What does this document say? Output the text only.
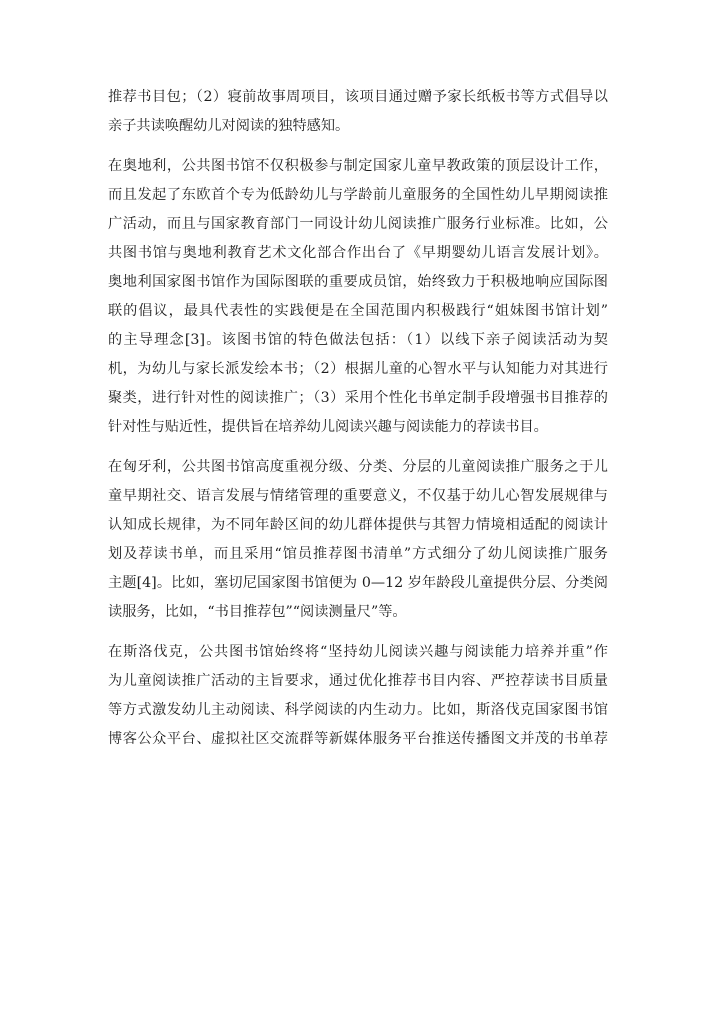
推荐书目包；（2）寝前故事周项目，该项目通过赠予家长纸板书等方式倡导以
亲子共读唤醒幼儿对阅读的独特感知。
在奥地利，公共图书馆不仅积极参与制定国家儿童早教政策的顶层设计工作，
而且发起了东欧首个专为低龄幼儿与学龄前儿童服务的全国性幼儿早期阅读推
广活动，而且与国家教育部门一同设计幼儿阅读推广服务行业标准。比如，公
共图书馆与奥地利教育艺术文化部合作出台了《早期婴幼儿语言发展计划》。
奥地利国家图书馆作为国际图联的重要成员馆，始终致力于积极地响应国际图
联的倡议，最具代表性的实践便是在全国范围内积极践行“姐妹图书馆计划”
的主导理念[3]。该图书馆的特色做法包括：（1）以线下亲子阅读活动为契
机，为幼儿与家长派发绘本书；（2）根据儿童的心智水平与认知能力对其进行
聚类，进行针对性的阅读推广；（3）采用个性化书单定制手段增强书目推荐的
针对性与贴近性，提供旨在培养幼儿阅读兴趣与阅读能力的荐读书目。
在匈牙利，公共图书馆高度重视分级、分类、分层的儿童阅读推广服务之于儿
童早期社交、语言发展与情绪管理的重要意义，不仅基于幼儿心智发展规律与
认知成长规律，为不同年龄区间的幼儿群体提供与其智力情境相适配的阅读计
划及荐读书单，而且采用“馆员推荐图书清单”方式细分了幼儿阅读推广服务
主题[4]。比如，塞切尼国家图书馆便为 0—12 岁年龄段儿童提供分层、分类阅
读服务，比如，“书目推荐包”“阅读测量尺”等。
在斯洛伐克，公共图书馆始终将“坚持幼儿阅读兴趣与阅读能力培养并重”作
为儿童阅读推广活动的主旨要求，通过优化推荐书目内容、严控荐读书目质量
等方式激发幼儿主动阅读、科学阅读的内生动力。比如，斯洛伐克国家图书馆
博客公众平台、虚拟社区交流群等新媒体服务平台推送传播图文并茂的书单荐
